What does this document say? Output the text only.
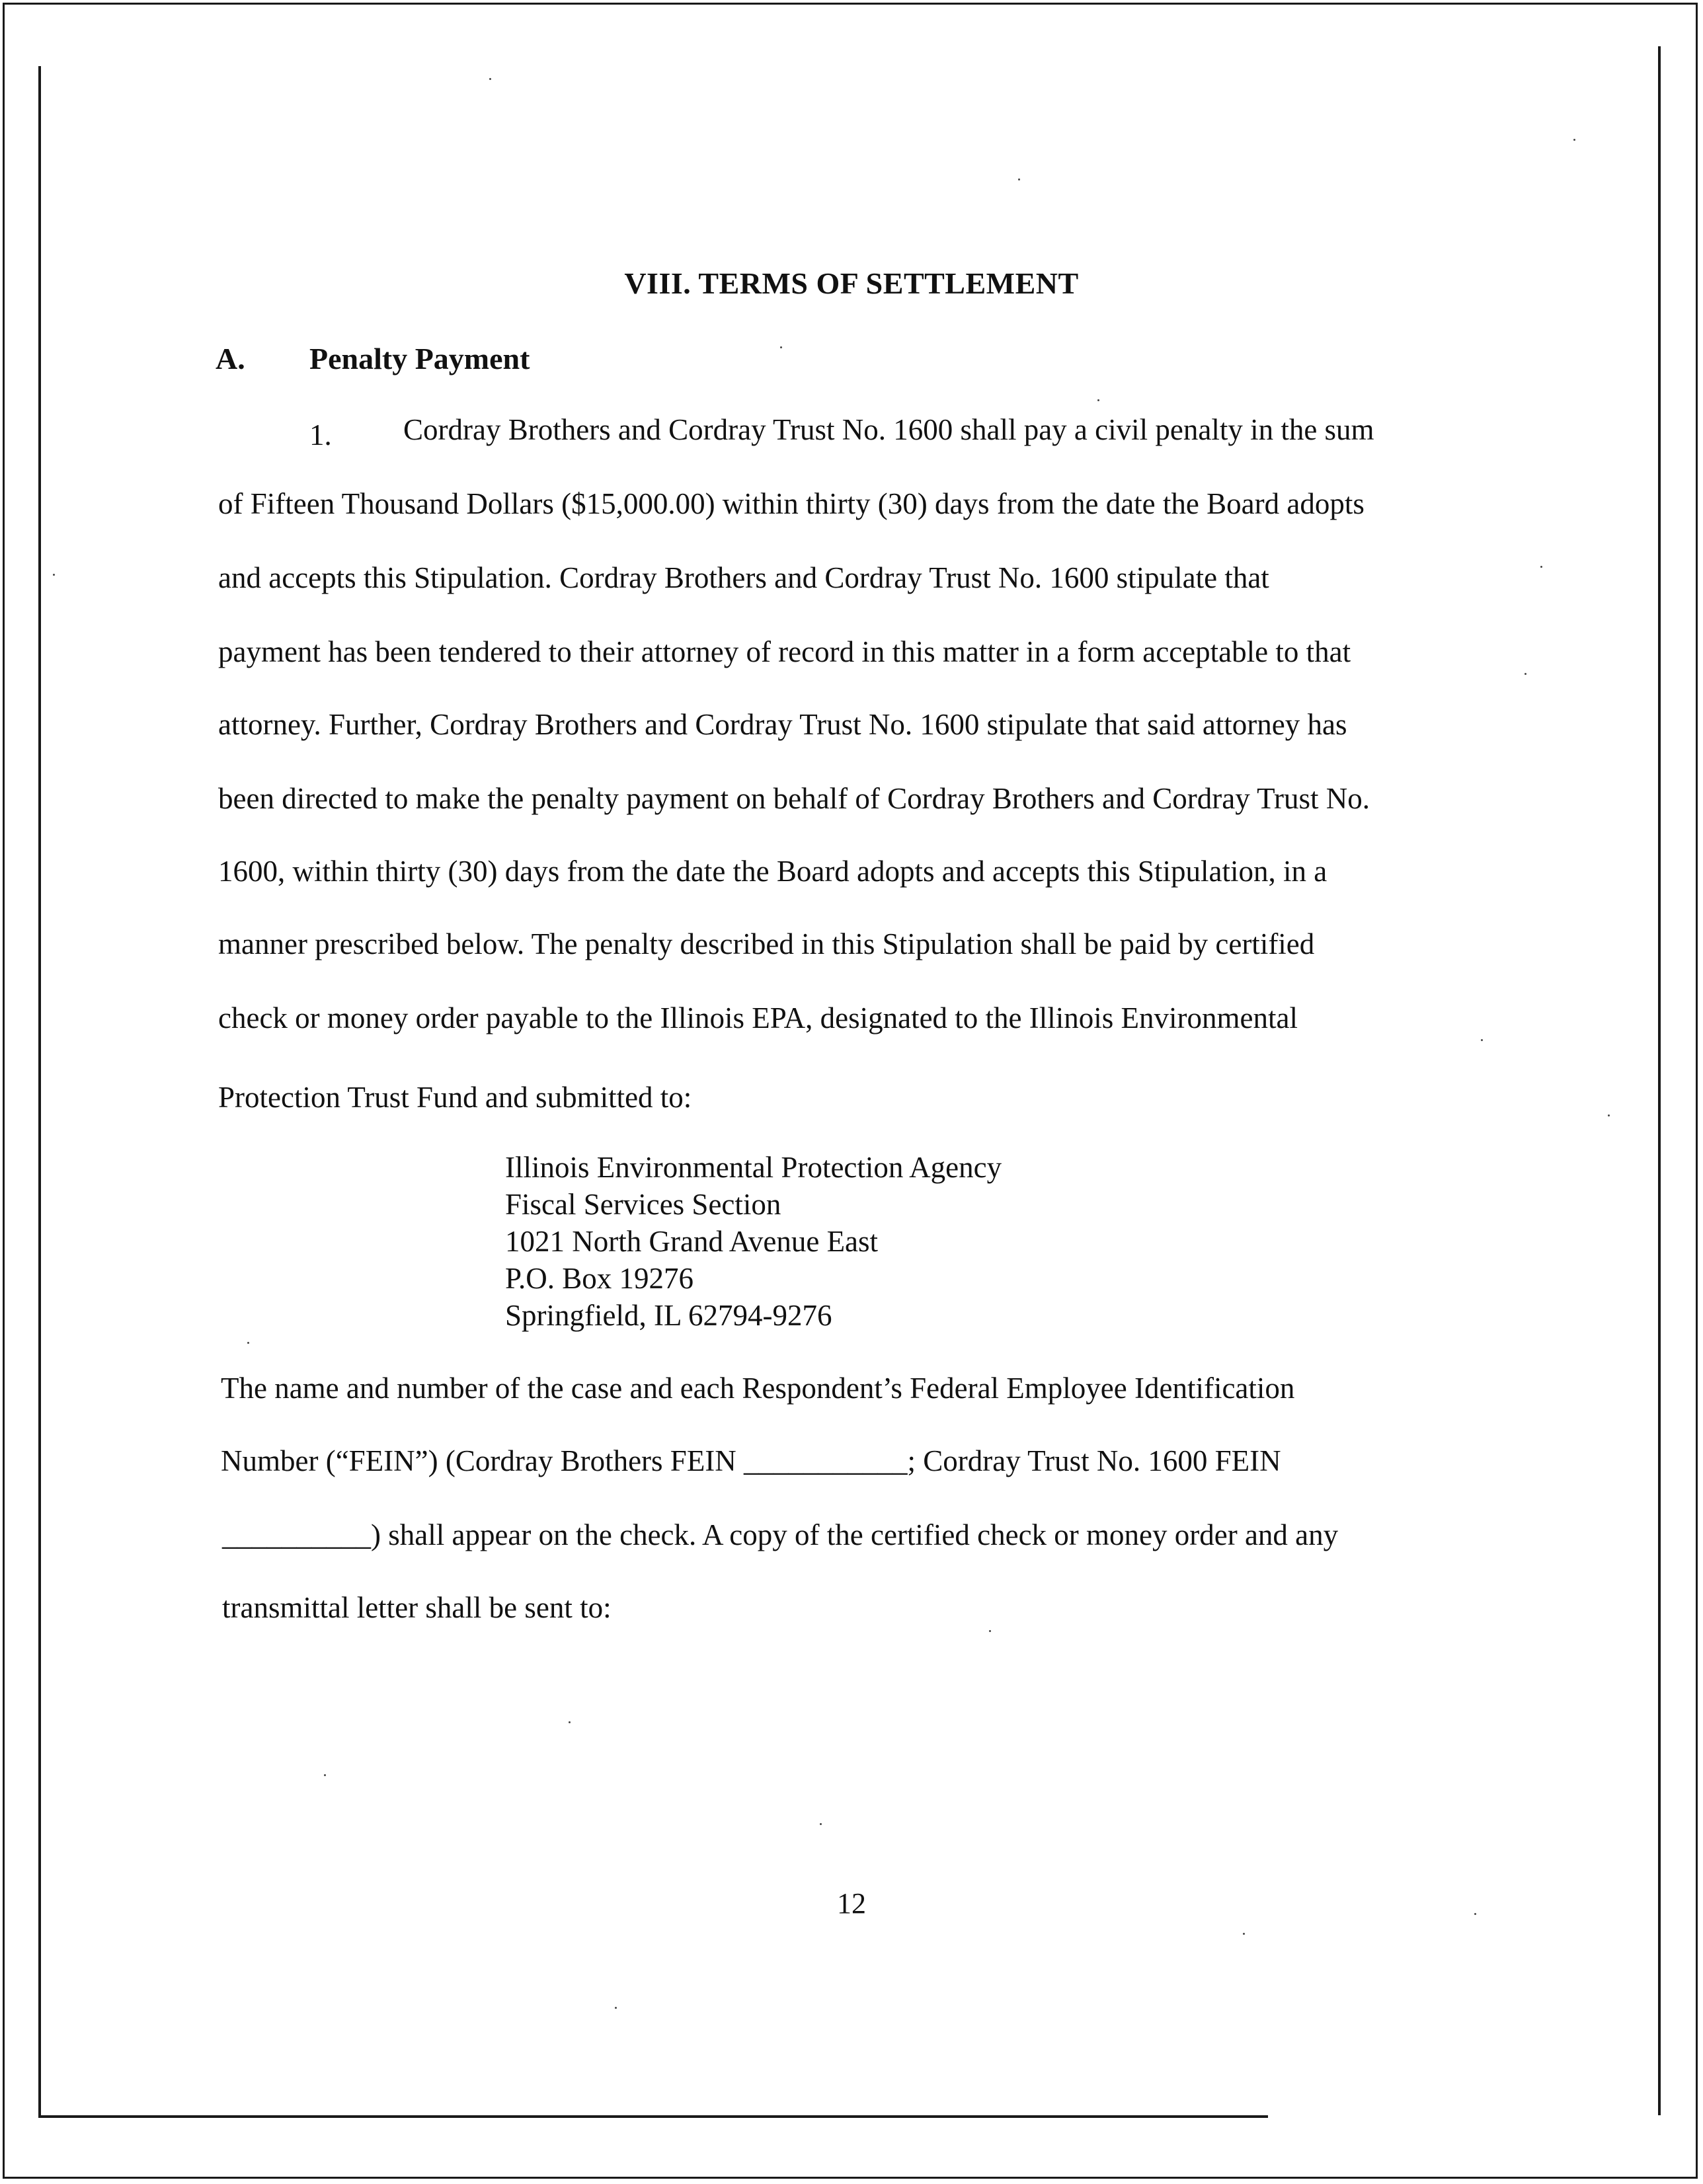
VIII. TERMS OF SETTLEMENT
A. Penalty Payment
1. Cordray Brothers and Cordray Trust No. 1600 shall pay a civil penalty in the sum
of Fifteen Thousand Dollars ($15,000.00) within thirty (30) days from the date the Board adopts
and accepts this Stipulation. Cordray Brothers and Cordray Trust No. 1600 stipulate that
payment has been tendered to their attorney of record in this matter in a form acceptable to that
attorney. Further, Cordray Brothers and Cordray Trust No. 1600 stipulate that said attorney has
been directed to make the penalty payment on behalf of Cordray Brothers and Cordray Trust No.
1600, within thirty (30) days from the date the Board adopts and accepts this Stipulation, in a
manner prescribed below. The penalty described in this Stipulation shall be paid by certified
check or money order payable to the Illinois EPA, designated to the Illinois Environmental
Protection Trust Fund and submitted to:
Illinois Environmental Protection Agency
Fiscal Services Section
1021 North Grand Avenue East
P.O. Box 19276
Springfield, IL 62794-9276
The name and number of the case and each Respondent’s Federal Employee Identification
Number (“FEIN”) (Cordray Brothers FEIN ___________; Cordray Trust No. 1600 FEIN
__________) shall appear on the check. A copy of the certified check or money order and any
transmittal letter shall be sent to:
12
